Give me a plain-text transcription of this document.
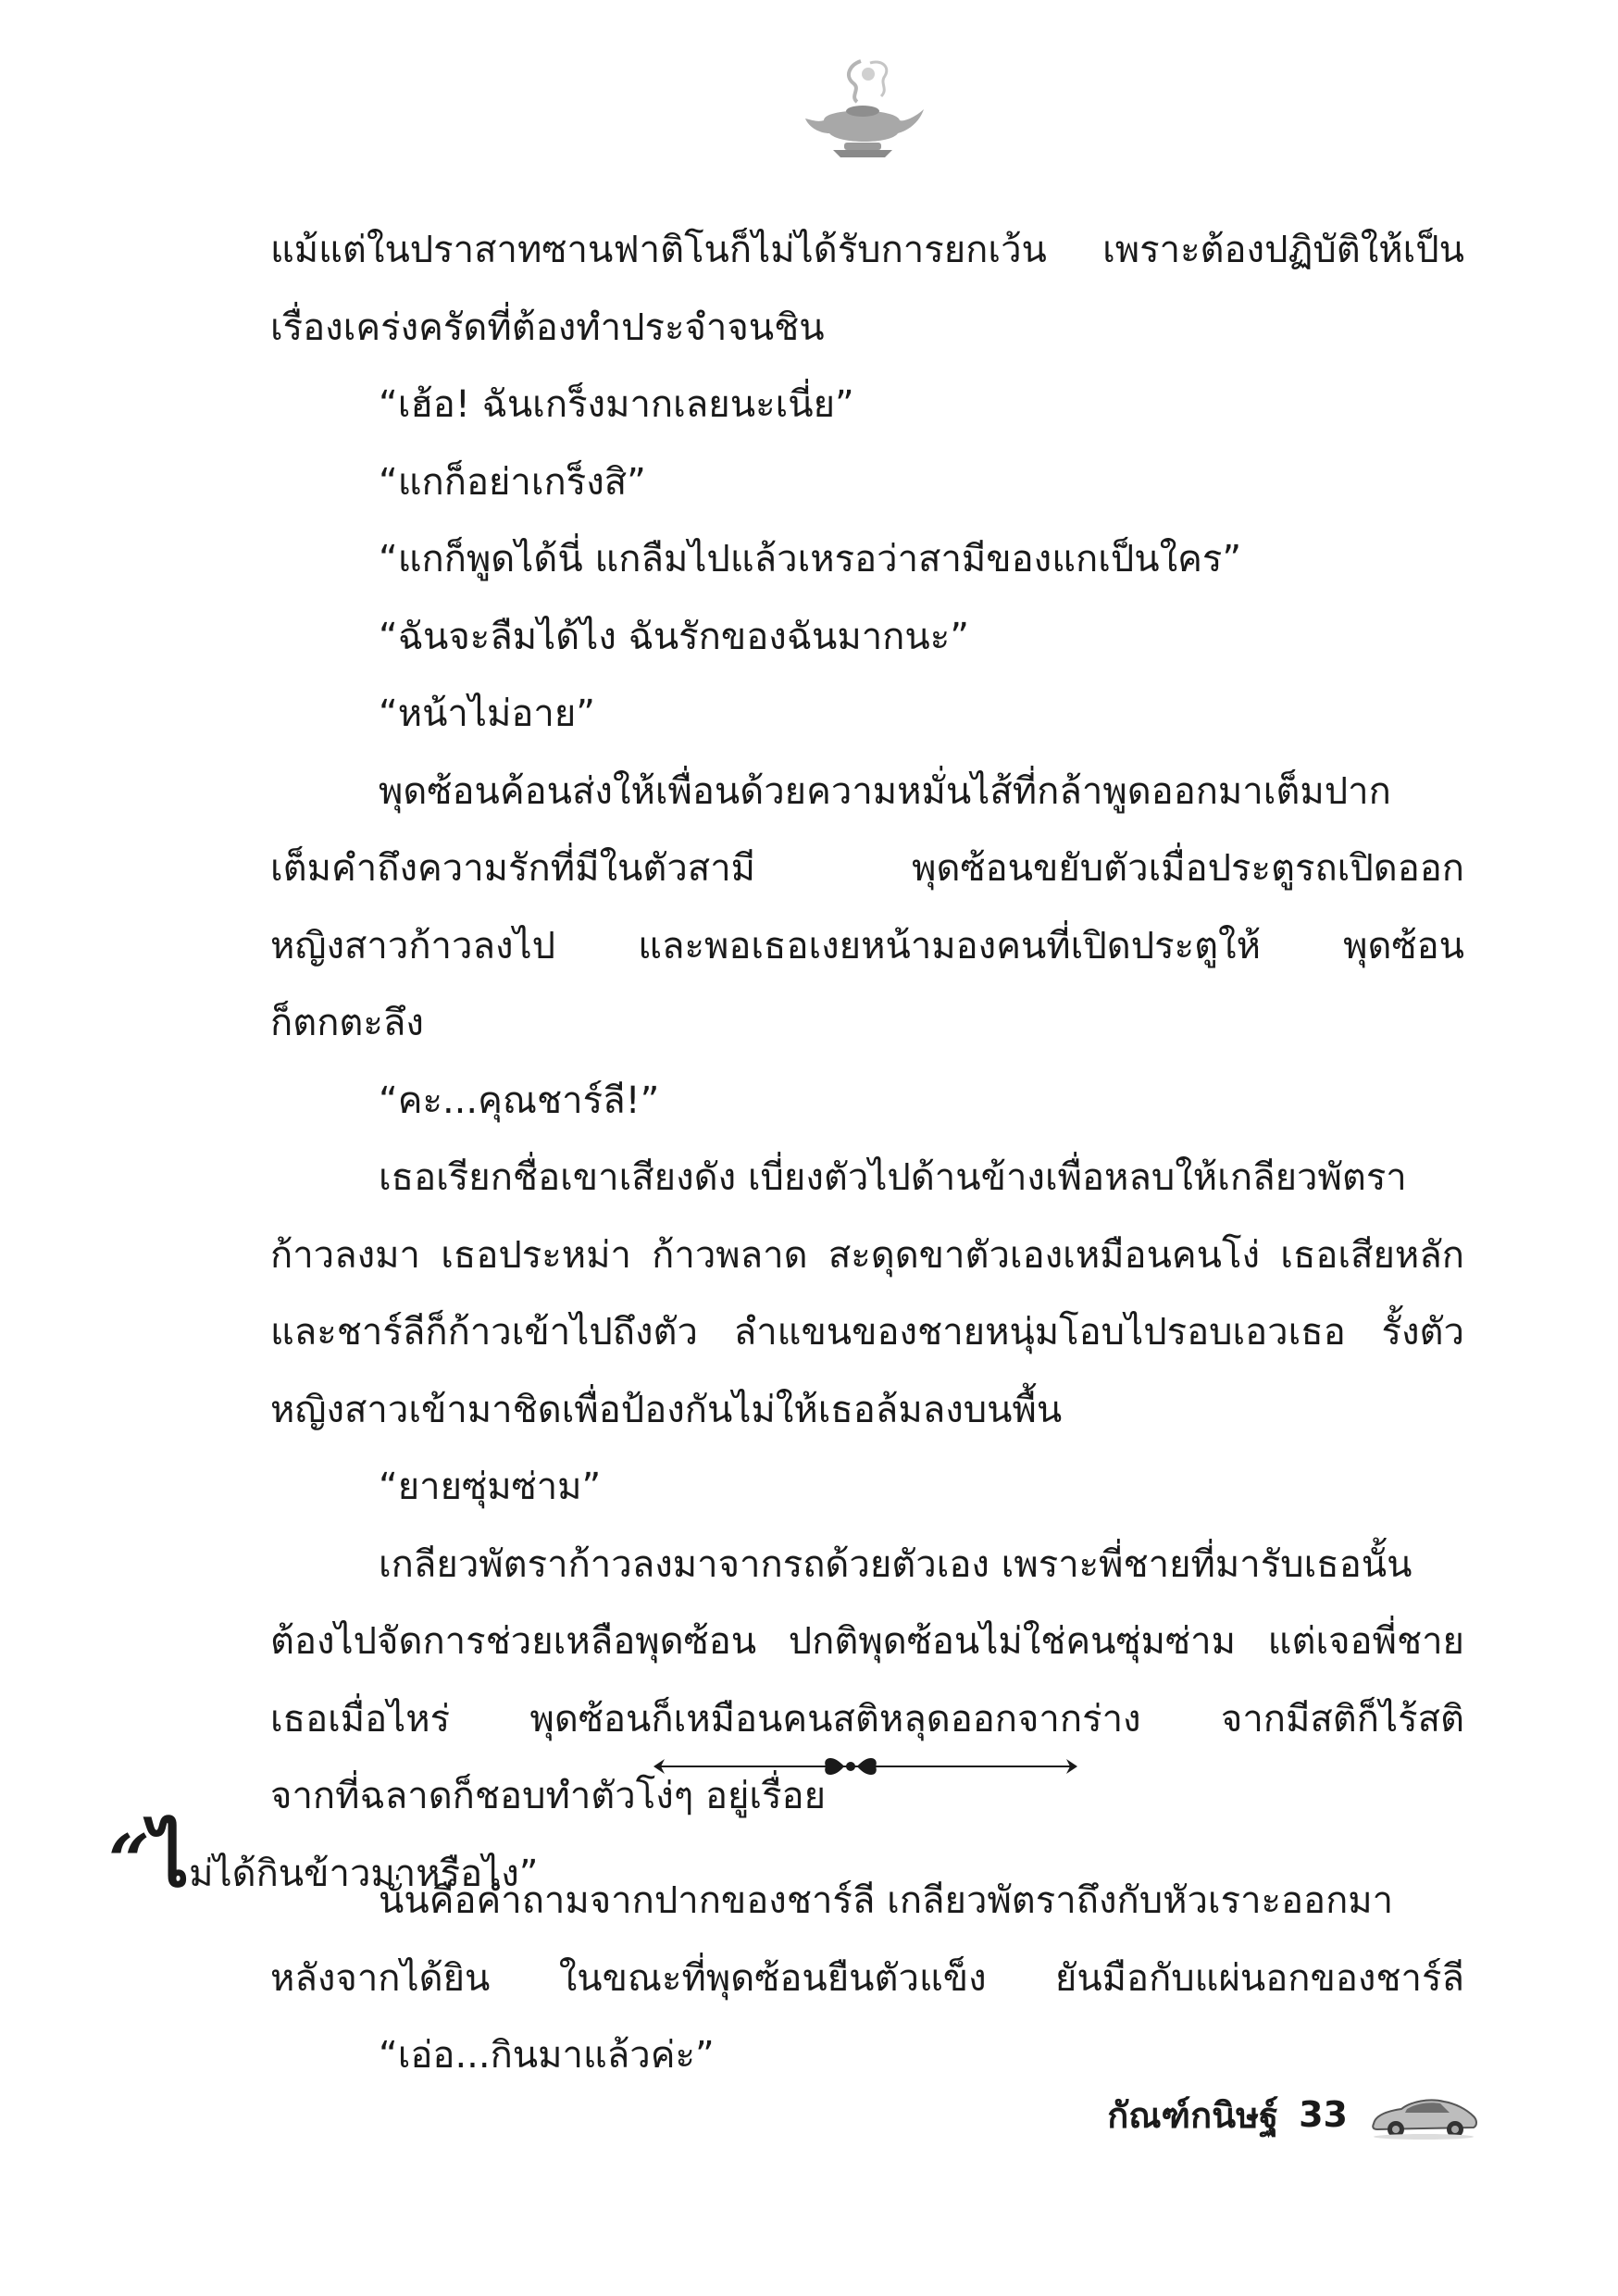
แม้แต่ในปราสาทซานฟาติโนก็ไม่ได้รับการยกเว้น เพราะต้องปฏิบัติให้เป็น
เรื่องเคร่งครัดที่ต้องทำประจำจนชิน
“เฮ้อ! ฉันเกร็งมากเลยนะเนี่ย”
“แกก็อย่าเกร็งสิ”
“แกก็พูดได้นี่ แกลืมไปแล้วเหรอว่าสามีของแกเป็นใคร”
“ฉันจะลืมได้ไง ฉันรักของฉันมากนะ”
“หน้าไม่อาย”
พุดซ้อนค้อนส่งให้เพื่อนด้วยความหมั่นไส้ที่กล้าพูดออกมาเต็มปาก
เต็มคำถึงความรักที่มีในตัวสามี พุดซ้อนขยับตัวเมื่อประตูรถเปิดออก
หญิงสาวก้าวลงไป และพอเธอเงยหน้ามองคนที่เปิดประตูให้ พุดซ้อน
ก็ตกตะลึง
“คะ...คุณชาร์ลี!”
เธอเรียกชื่อเขาเสียงดัง เบี่ยงตัวไปด้านข้างเพื่อหลบให้เกลียวพัตรา
ก้าวลงมา เธอประหม่า ก้าวพลาด สะดุดขาตัวเองเหมือนคนโง่ เธอเสียหลัก
และชาร์ลีก็ก้าวเข้าไปถึงตัว ลำแขนของชายหนุ่มโอบไปรอบเอวเธอ รั้งตัว
หญิงสาวเข้ามาชิดเพื่อป้องกันไม่ให้เธอล้มลงบนพื้น
“ยายซุ่มซ่าม”
เกลียวพัตราก้าวลงมาจากรถด้วยตัวเอง เพราะพี่ชายที่มารับเธอนั้น
ต้องไปจัดการช่วยเหลือพุดซ้อน ปกติพุดซ้อนไม่ใช่คนซุ่มซ่าม แต่เจอพี่ชาย
เธอเมื่อไหร่ พุดซ้อนก็เหมือนคนสติหลุดออกจากร่าง จากมีสติก็ไร้สติ
จากที่ฉลาดก็ชอบทำตัวโง่ๆ อยู่เรื่อย
“ไม่ได้กินข้าวมาหรือไง”
นั่นคือคำถามจากปากของชาร์ลี เกลียวพัตราถึงกับหัวเราะออกมา
หลังจากได้ยิน ในขณะที่พุดซ้อนยืนตัวแข็ง ยันมือกับแผ่นอกของชาร์ลี
“เอ่อ...กินมาแล้วค่ะ”
กัณฑ์กนิษฐ์ 33
